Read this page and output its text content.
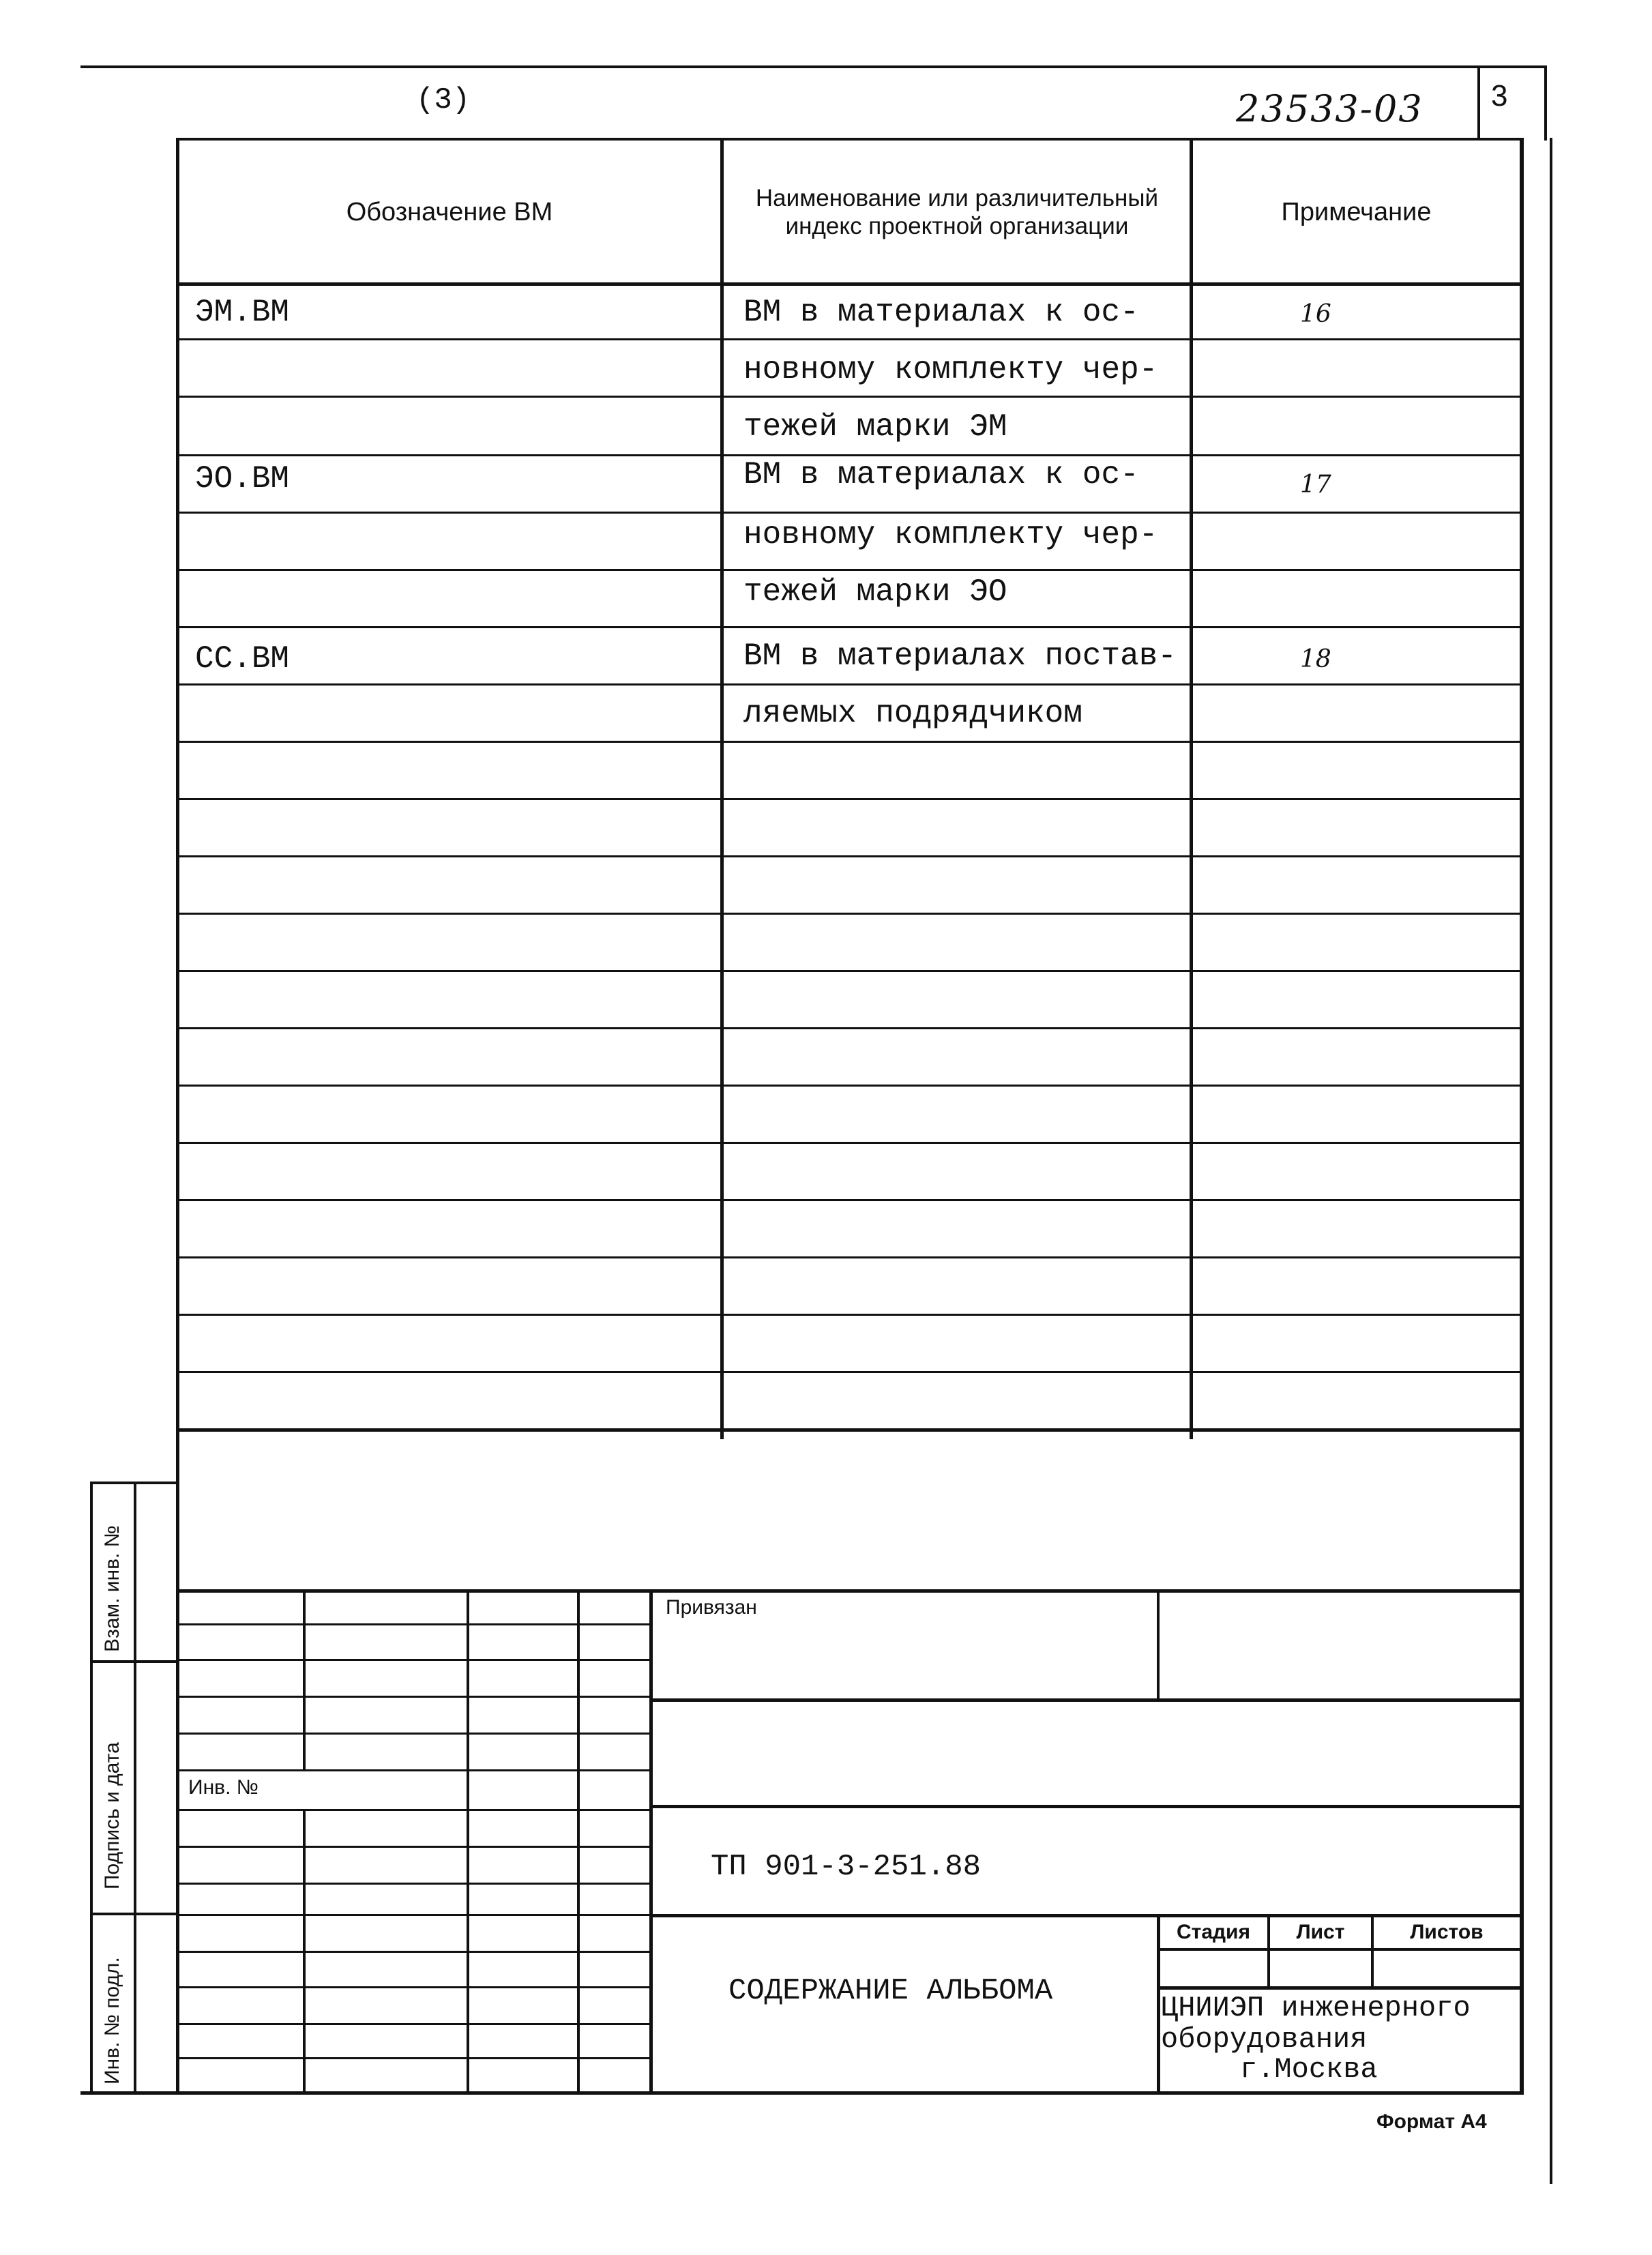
(3)	23533-03 3
Обозначение ВМ	Наименование или различительный индекс проектной организации	Примечание
ЭМ.ВМ	ВМ в материалах к ос-	16
новному комплекту чер-
тежей марки ЭМ
ЭО.ВМ	ВМ в материалах к ос-	17
новному комплекту чер-
тежей марки ЭО
СС.ВМ	ВМ в материалах постав-	18
ляемых подрядчиком
Взам. инв. №
Подпись и дата
Инв. № подл.
Инв. №
Привязан
ТП 901-3-251.88
СОДЕРЖАНИЕ АЛЬБОМА
Стадия	Лист	Листов
ЦНИИЭП инженерного
оборудования
г.Москва
Формат А4
